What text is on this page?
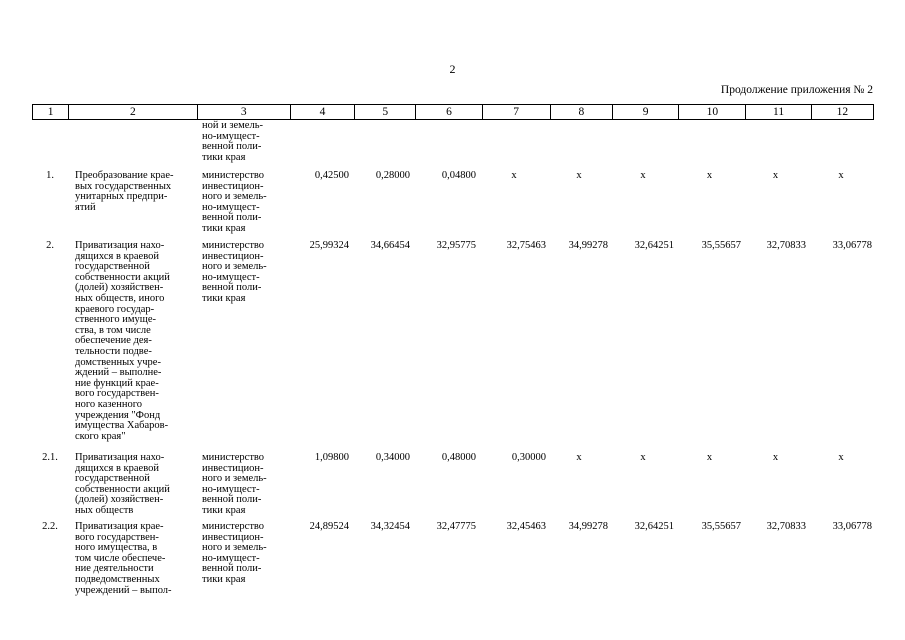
2
Продолжение приложения № 2
1	2	3	4	5	6	7	8	9	10	11	12
ной и земель-
но-имущест-
венной поли-
тики края
1.	Преобразование крае-
вых государственных
унитарных предпри-
ятий
министерство
инвестицион-
ного и земель-
но-имущест-
венной поли-
тики края
0,42500	0,28000	0,04800	x	x	x	x	x	x
2.	Приватизация нахо-
дящихся в краевой
государственной
собственности акций
(долей) хозяйствен-
ных обществ, иного
краевого государ-
ственного имуще-
ства, в том числе
обеспечение дея-
тельности подве-
домственных учре-
ждений – выполне-
ние функций крае-
вого государствен-
ного казенного
учреждения "Фонд
имущества Хабаров-
ского края"
министерство
инвестицион-
ного и земель-
но-имущест-
венной поли-
тики края
25,99324	34,66454	32,95775	32,75463	34,99278	32,64251	35,55657	32,70833	33,06778
2.1.	Приватизация нахо-
дящихся в краевой
государственной
собственности акций
(долей) хозяйствен-
ных обществ
министерство
инвестицион-
ного и земель-
но-имущест-
венной поли-
тики края
1,09800	0,34000	0,48000	0,30000	x	x	x	x	x
2.2.	Приватизация крае-
вого государствен-
ного имущества, в
том числе обеспече-
ние деятельности
подведомственных
учреждений – выпол-
министерство
инвестицион-
ного и земель-
но-имущест-
венной поли-
тики края
24,89524	34,32454	32,47775	32,45463	34,99278	32,64251	35,55657	32,70833	33,06778
